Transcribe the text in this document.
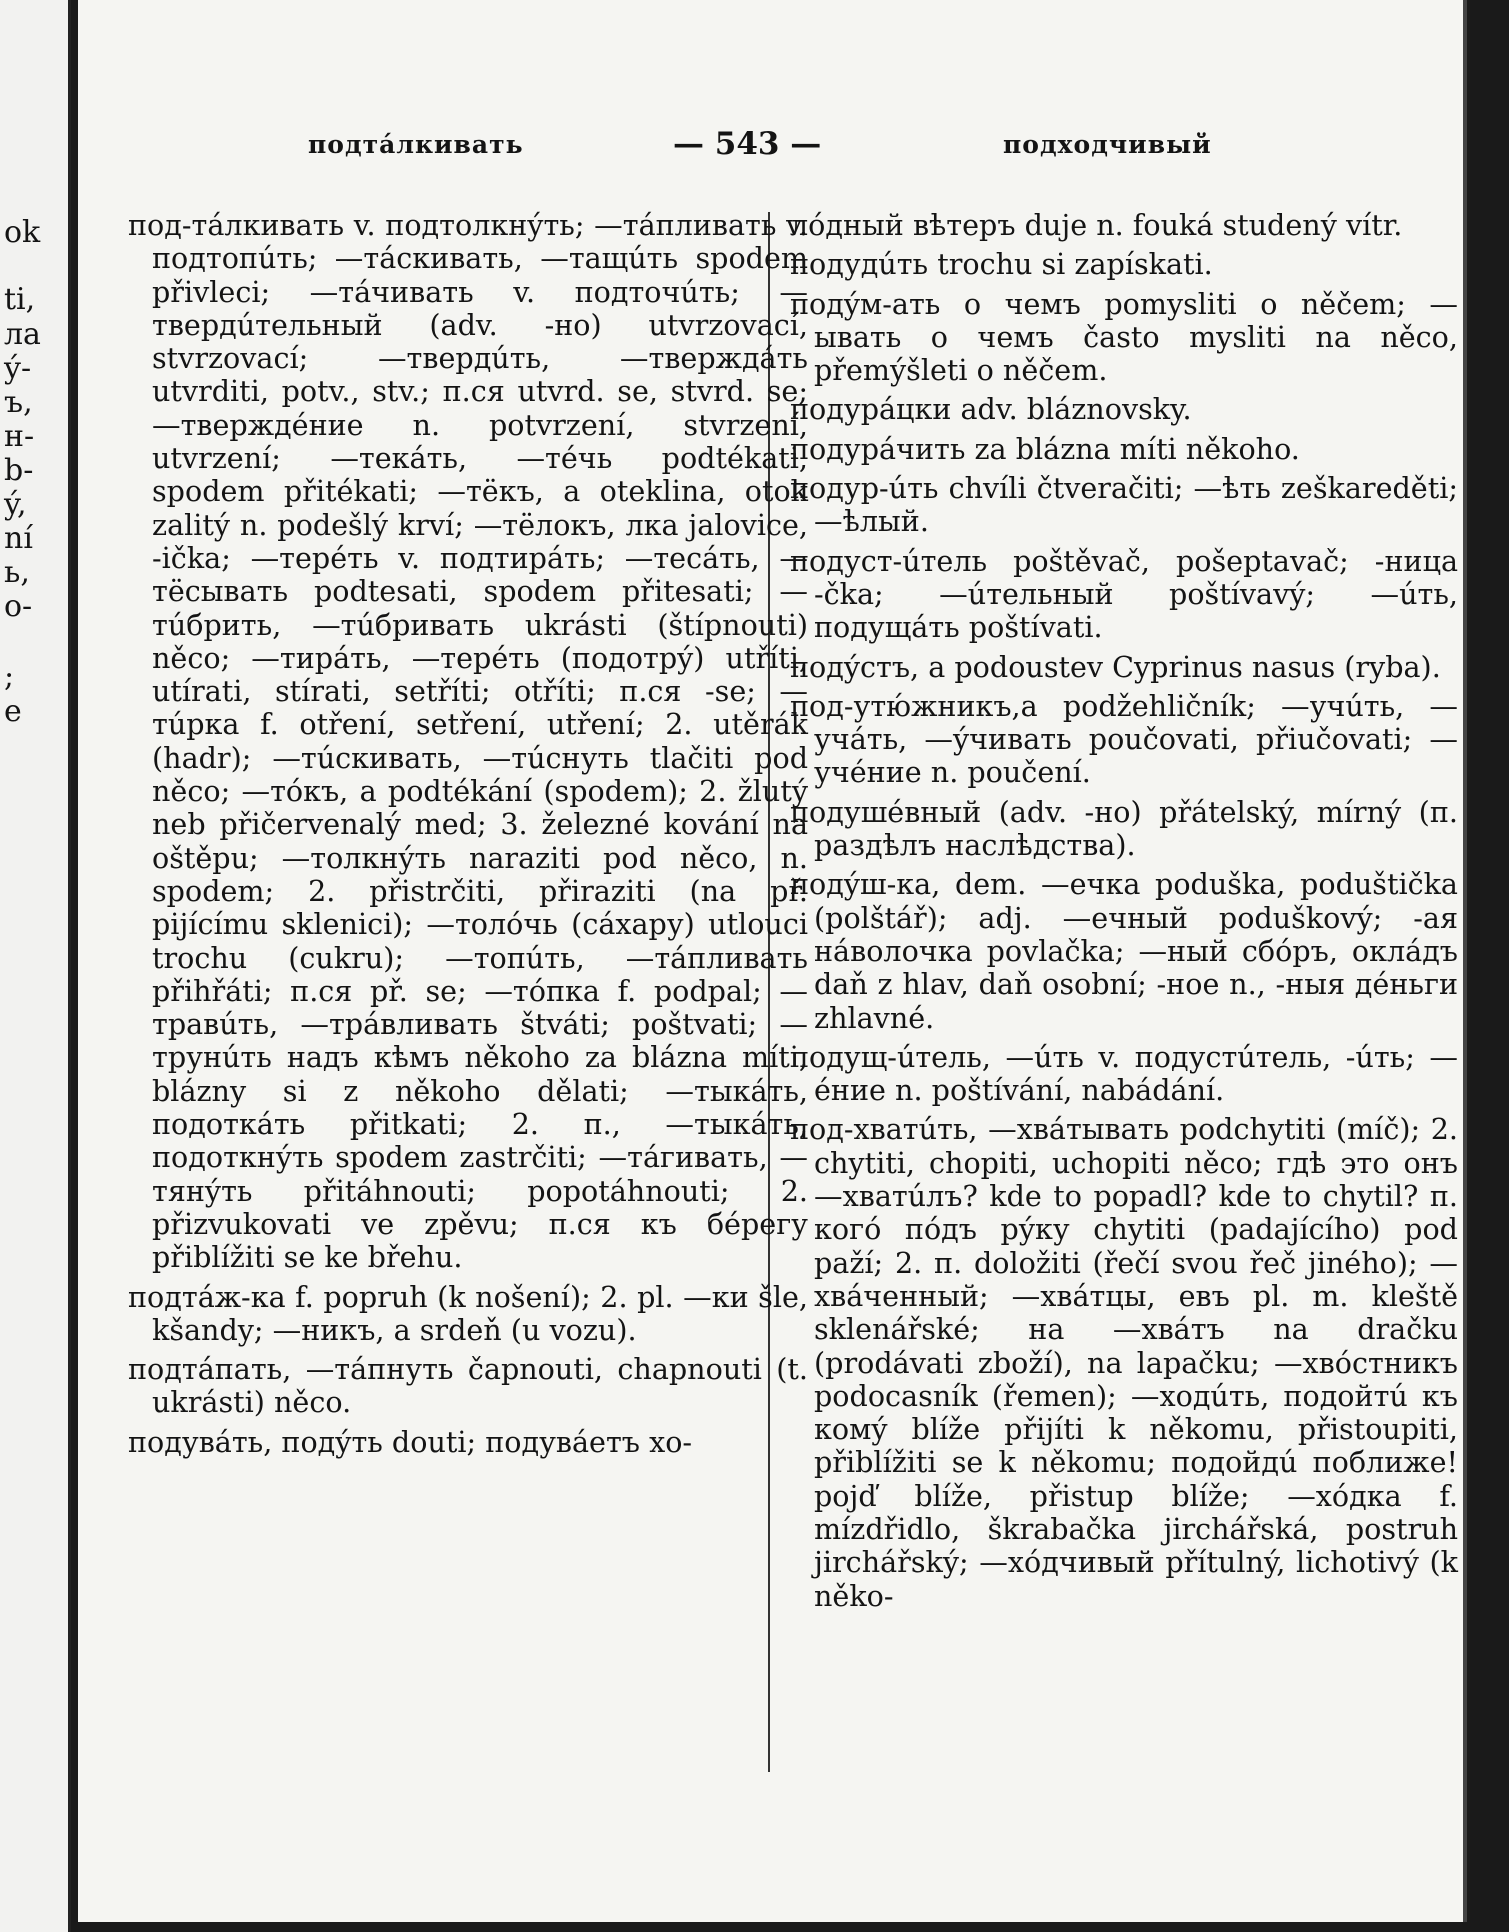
ok
ti,
ла
ý-
ъ,
н-
b-
ý,
ní
ь,
o-
;
e
подтáлкивать	— 543 —	подходчивый

под-тáлкивать v. подтолкнýть; —тáпливать v. подтопúть; —тáскивать, —тащúть spodem přivleci; —тáчивать v. подточúть; —твердúтельный (adv. -но) utvrzovací, stvrzovací; —твердúть, —тверждáть utvrditi, potv., stv.; п.ся utvrd. se, stvrd. se; —тверждéние n. potvrzení, stvrzení, utvrzení; —текáть, —тéчь podtékati, spodem přitékati; —тёкъ, a oteklina, otok zalitý n. podešlý krví; —тёлокъ, лка jalovice, -ička; —терéть v. подтирáть; —тесáть, —тёсывать podtesati, spodem přitesati; —тúбрить, —тúбривать ukrásti (štípnouti) něco; —тирáть, —терéть (подотрý) utříti, utírati, stírati, setříti; otříti; п.ся -se; —тúрка f. otření, setření, utření; 2. utěrák (hadr); —тúскивать, —тúснуть tlačiti pod něco; —тóкъ, a podtékání (spodem); 2. žlutý neb přičervenalý med; 3. železné kování na oštěpu; —толкнýть naraziti pod něco, n. spodem; 2. přistrčiti, přiraziti (na př. pijícímu sklenici); —толóчь (cáхару) utlouci trochu (cukru); —топúть, —тáпливать přihřáti; п.ся př. se; —тóпка f. podpal; —травúть, —трáвливать štváti; poštvati; —трунúть надъ кѣмъ někoho za blázna míti, blázny si z někoho dělati; —тыкáть, подоткáть přitkati; 2. п., —тыкáть, подоткнýть spodem zastrčiti; —тáгивать, —тянýть přitáhnouti; popotáhnouti; 2. přizvukovati ve zpěvu; п.ся къ бéрегу přiblížiti se ke břehu.

подтáж-ка f. popruh (k nošení); 2. pl. —ки šle, kšandy; —никъ, a srdeň (u vozu).

подтáпать, —тáпнуть čapnouti, chapnouti (t. ukrásti) něco.

подувáть, подýть douti; подувáетъ хо-

лóдный вѣтеръ duje n. fouká studený vítr.

подудúть trochu si zapískati.

подýм-ать о чемъ pomysliti o něčem; —ывать о чемъ často mysliti na něco, přemýšleti o něčem.

подурáцки adv. bláznovsky.

подурáчить za blázna míti někoho.

подур-úть chvíli čtveračiti; —ѣть zeškareděti; —ѣлый.

подуст-úтель poštěvač, pošeptavač; -ница -čka; —úтельный poštívavý; —úть, подущáть poštívati.

подýстъ, a podoustev Cyprinus nasus (ryba).

под-утю́жникъ,a podžehličník; —учúть, —учáть, —ýчивать poučovati, přiučovati; —учéние n. poučení.

подушéвный (adv. -но) přátelský, mírný (п. раздѣлъ наслѣдства).

подýш-ка, dem. —ечка poduška, poduštička (polštář); adj. —ечный poduškový; -ая нáволочка povlačka; —ный сбóръ, оклáдъ daň z hlav, daň osobní; -ное n., -ныя дéньги zhlavné.

подущ-úтель, —úть v. подустúтель, -úть; —éние n. poštívání, nabádání.

под-хватúть, —хвáтывать podchytiti (míč); 2. chytiti, chopiti, uchopiti něco; гдѣ это онъ —хватúлъ? kde to popadl? kde to chytil? п. когó пóдъ рýку chytiti (padajícího) pod paží; 2. п. doložiti (řečí svou řeč jiného); —хвáченный; —хвáтцы, евъ pl. m. kleště sklenářské; на —хвáтъ na dračku (prodávati zboží), na lapačku; —хвóстникъ podocasník (řemen); —ходúть, подойтú къ комý blíže přijíti k někomu, přistoupiti, přiblížiti se k někomu; подойдú поближе! pojď blíže, přistup blíže; —хóдка f. mízdřidlo, škrabačka jirchářská, postruh jirchářský; —хóдчивый přítulný, lichotivý (k něko-
